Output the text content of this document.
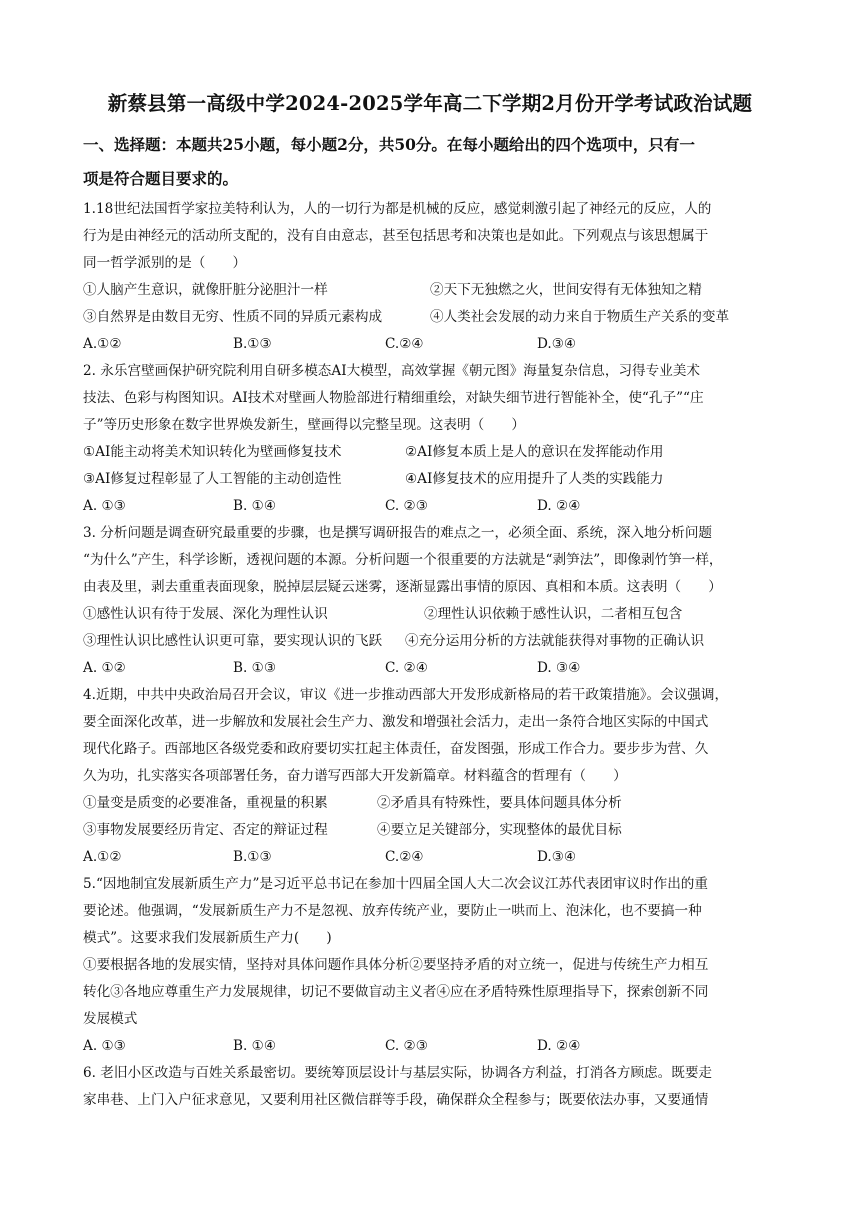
新蔡县第一高级中学2024-2025学年高二下学期2月份开学考试政治试题
一、选择题：本题共25小题，每小题2分，共50分。在每小题给出的四个选项中，只有一
项是符合题目要求的。
1.18世纪法国哲学家拉美特利认为，人的一切行为都是机械的反应，感觉刺激引起了神经元的反应，人的
行为是由神经元的活动所支配的，没有自由意志，甚至包括思考和决策也是如此。下列观点与该思想属于
同一哲学派别的是（　　）
①人脑产生意识，就像肝脏分泌胆汁一样	②天下无独燃之火，世间安得有无体独知之精
③自然界是由数目无穷、性质不同的异质元素构成	④人类社会发展的动力来自于物质生产关系的变革
A.①②	B.①③	C.②④	D.③④
2. 永乐宫壁画保护研究院利用自研多模态AI大模型，高效掌握《朝元图》海量复杂信息，习得专业美术
技法、色彩与构图知识。AI技术对壁画人物脸部进行精细重绘，对缺失细节进行智能补全，使“孔子”“庄
子”等历史形象在数字世界焕发新生，壁画得以完整呈现。这表明（　　）
①AI能主动将美术知识转化为壁画修复技术	②AI修复本质上是人的意识在发挥能动作用
③AI修复过程彰显了人工智能的主动创造性	④AI修复技术的应用提升了人类的实践能力
A. ①③	B. ①④	C. ②③	D. ②④
3. 分析问题是调查研究最重要的步骤，也是撰写调研报告的难点之一，必须全面、系统，深入地分析问题
“为什么”产生，科学诊断，透视问题的本源。分析问题一个很重要的方法就是“剥笋法”，即像剥竹笋一样，
由表及里，剥去重重表面现象，脱掉层层疑云迷雾，逐渐显露出事情的原因、真相和本质。这表明（　　）
①感性认识有待于发展、深化为理性认识	②理性认识依赖于感性认识，二者相互包含
③理性认识比感性认识更可靠，要实现认识的飞跃 ④充分运用分析的方法就能获得对事物的正确认识
A. ①②	B. ①③	C. ②④	D. ③④
4.近期，中共中央政治局召开会议，审议《进一步推动西部大开发形成新格局的若干政策措施》。会议强调，
要全面深化改革，进一步解放和发展社会生产力、激发和增强社会活力，走出一条符合地区实际的中国式
现代化路子。西部地区各级党委和政府要切实扛起主体责任，奋发图强，形成工作合力。要步步为营、久
久为功，扎实落实各项部署任务，奋力谱写西部大开发新篇章。材料蕴含的哲理有（　　）
①量变是质变的必要准备，重视量的积累	②矛盾具有特殊性，要具体问题具体分析
③事物发展要经历肯定、否定的辩证过程	④要立足关键部分，实现整体的最优目标
A.①②	B.①③	C.②④	D.③④
5.“因地制宜发展新质生产力”是习近平总书记在参加十四届全国人大二次会议江苏代表团审议时作出的重
要论述。他强调，“发展新质生产力不是忽视、放弃传统产业，要防止一哄而上、泡沫化，也不要搞一种
模式”。这要求我们发展新质生产力(　　)
①要根据各地的发展实情，坚持对具体问题作具体分析②要坚持矛盾的对立统一，促进与传统生产力相互
转化③各地应尊重生产力发展规律，切记不要做盲动主义者④应在矛盾特殊性原理指导下，探索创新不同
发展模式
A. ①③	B. ①④	C. ②③	D. ②④
6. 老旧小区改造与百姓关系最密切。要统筹顶层设计与基层实际，协调各方利益，打消各方顾虑。既要走
家串巷、上门入户征求意见，又要利用社区微信群等手段，确保群众全程参与；既要依法办事，又要通情
